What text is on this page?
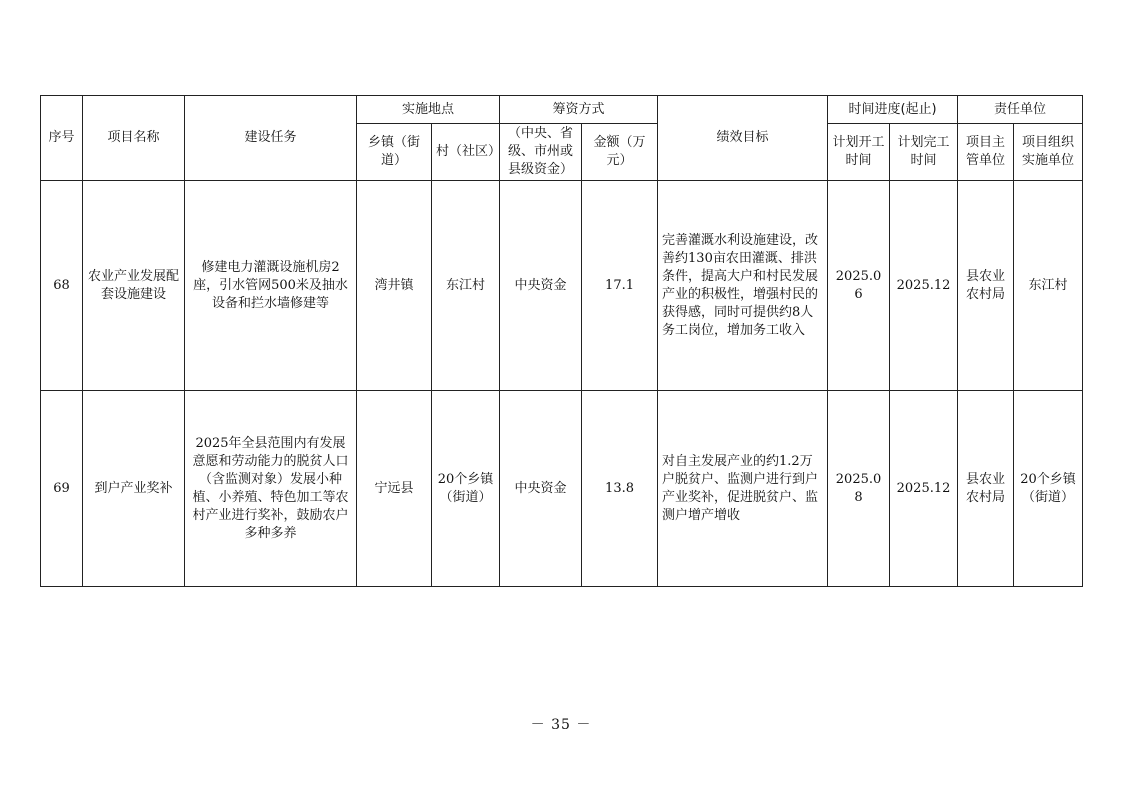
序号	项目名称	建设任务	实施地点		筹资方式		绩效目标	时间进度(起止)		责任单位	
			乡镇（街道）	村（社区）	（中央、省级、市州或县级资金）	金额（万元）		计划开工时间	计划完工时间	项目主管单位	项目组织实施单位
68	农业产业发展配套设施建设	修建电力灌溉设施机房2座，引水管网500米及抽水设备和拦水墙修建等	湾井镇	东江村	中央资金	17.1	完善灌溉水利设施建设，改善约130亩农田灌溉、排洪条件，提高大户和村民发展产业的积极性，增强村民的获得感，同时可提供约8人务工岗位，增加务工收入	2025.06	2025.12	县农业农村局	东江村
69	到户产业奖补	2025年全县范围内有发展意愿和劳动能力的脱贫人口（含监测对象）发展小种植、小养殖、特色加工等农村产业进行奖补，鼓励农户多种多养	宁远县	20个乡镇（街道）	中央资金	13.8	对自主发展产业的约1.2万户脱贫户、监测户进行到户产业奖补，促进脱贫户、监测户增产增收	2025.08	2025.12	县农业农村局	20个乡镇（街道）
－ 35 －
